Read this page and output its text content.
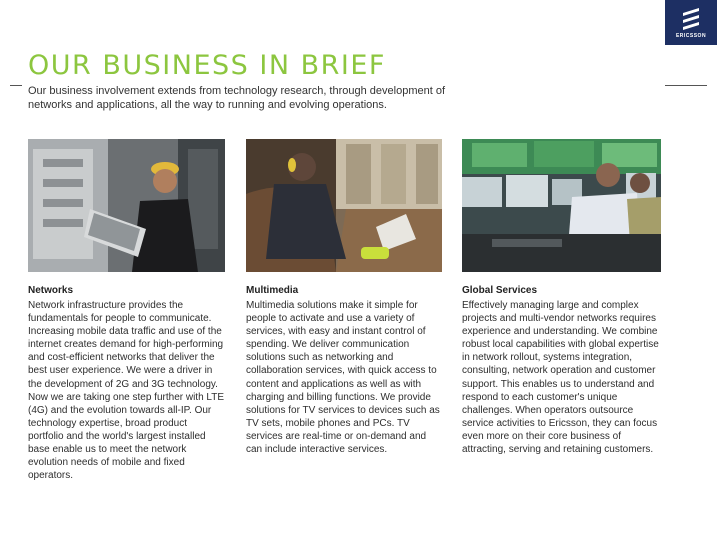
ERICSSON
OUR BUSINESS IN BRIEF

Our business involvement extends from technology research, through development of networks and applications, all the way to running and evolving operations.

Networks

Network infrastructure provides the fundamentals for people to communicate. Increasing mobile data traffic and use of the internet creates demand for high-performing and cost-efficient networks that deliver the best user experience. We were a driver in the development of 2G and 3G technology. Now we are taking one step further with LTE (4G) and the evolution towards all-IP. Our technology expertise, broad product portfolio and the world's largest installed base enable us to meet the network evolution needs of mobile and fixed operators.

Multimedia

Multimedia solutions make it simple for people to activate and use a variety of services, with easy and instant control of spending. We deliver communication solutions such as networking and collaboration services, with quick access to content and applications as well as with charging and billing functions. We provide solutions for TV services to devices such as TV sets, mobile phones and PCs. TV services are real-time or on-demand and can include interactive services.

Global Services

Effectively managing large and complex projects and multi-vendor networks requires experience and understanding. We combine robust local capabilities with global expertise in network rollout, systems integration, consulting, network operation and customer support. This enables us to understand and respond to each customer's unique challenges. When operators outsource service activities to Ericsson, they can focus even more on their core business of attracting, serving and retaining customers.
